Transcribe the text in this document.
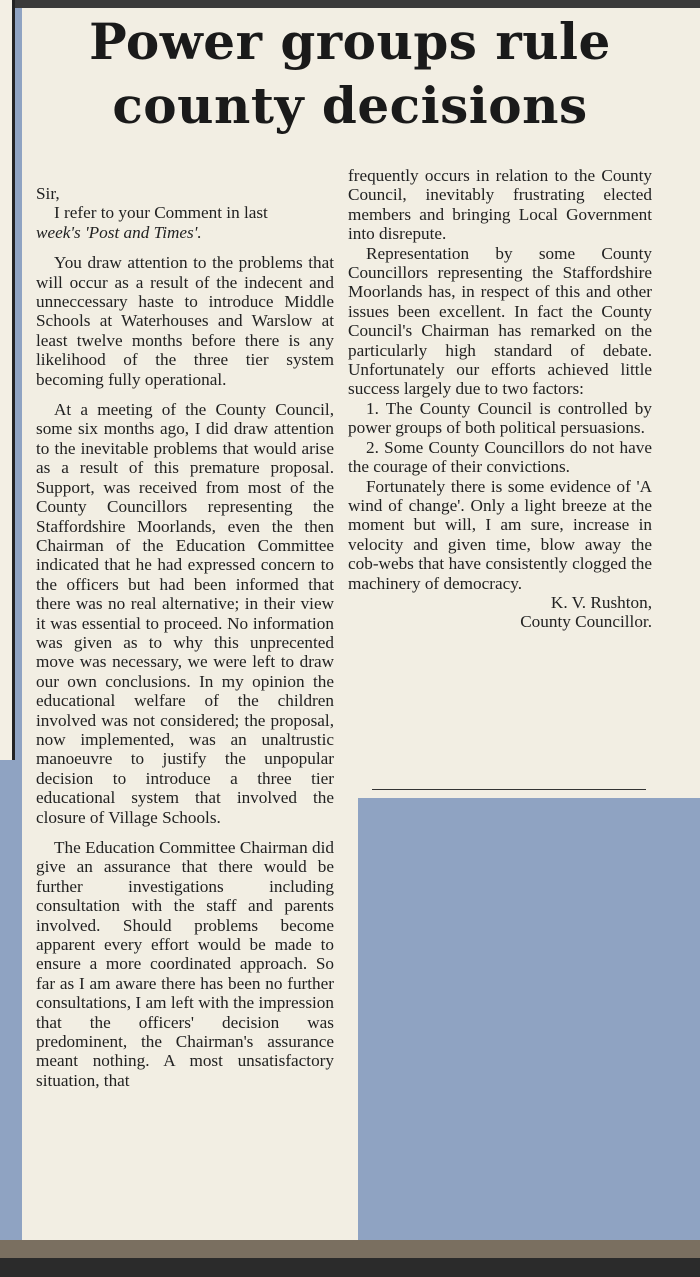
Power groups rule
county decisions

Sir,

I refer to your Comment in last

week's 'Post and Times'.

You draw attention to the problems that will occur as a result of the indecent and unneccessary haste to introduce Middle Schools at Waterhouses and Warslow at least twelve months before there is any likelihood of the three tier system becoming fully operational.

At a meeting of the County Council, some six months ago, I did draw attention to the inevitable problems that would arise as a result of this premature proposal. Support, was received from most of the County Councillors representing the Staffordshire Moorlands, even the then Chairman of the Education Committee indicated that he had expressed concern to the officers but had been informed that there was no real alternative; in their view it was essential to proceed. No information was given as to why this unprecented move was necessary, we were left to draw our own conclusions. In my opinion the educational welfare of the children involved was not considered; the proposal, now implemented, was an unaltrustic manoeuvre to justify the unpopular decision to introduce a three tier educational system that involved the closure of Village Schools.

The Education Committee Chairman did give an assurance that there would be further investigations including consultation with the staff and parents involved. Should problems become apparent every effort would be made to ensure a more coordinated approach. So far as I am aware there has been no further consultations, I am left with the impression that the officers' decision was predominent, the Chairman's assurance meant nothing. A most unsatisfactory situation, that

frequently occurs in relation to the County Council, inevitably frustrating elected members and bringing Local Government into disrepute.

Representation by some County Councillors representing the Staffordshire Moorlands has, in respect of this and other issues been excellent. In fact the County Council's Chairman has remarked on the particularly high standard of debate. Unfortunately our efforts achieved little success largely due to two factors:

1. The County Council is controlled by power groups of both political persuasions.

2. Some County Councillors do not have the courage of their convictions.

Fortunately there is some evidence of 'A wind of change'. Only a light breeze at the moment but will, I am sure, increase in velocity and given time, blow away the cob-webs that have consistently clogged the machinery of democracy.

K. V. Rushton,

County Councillor.
